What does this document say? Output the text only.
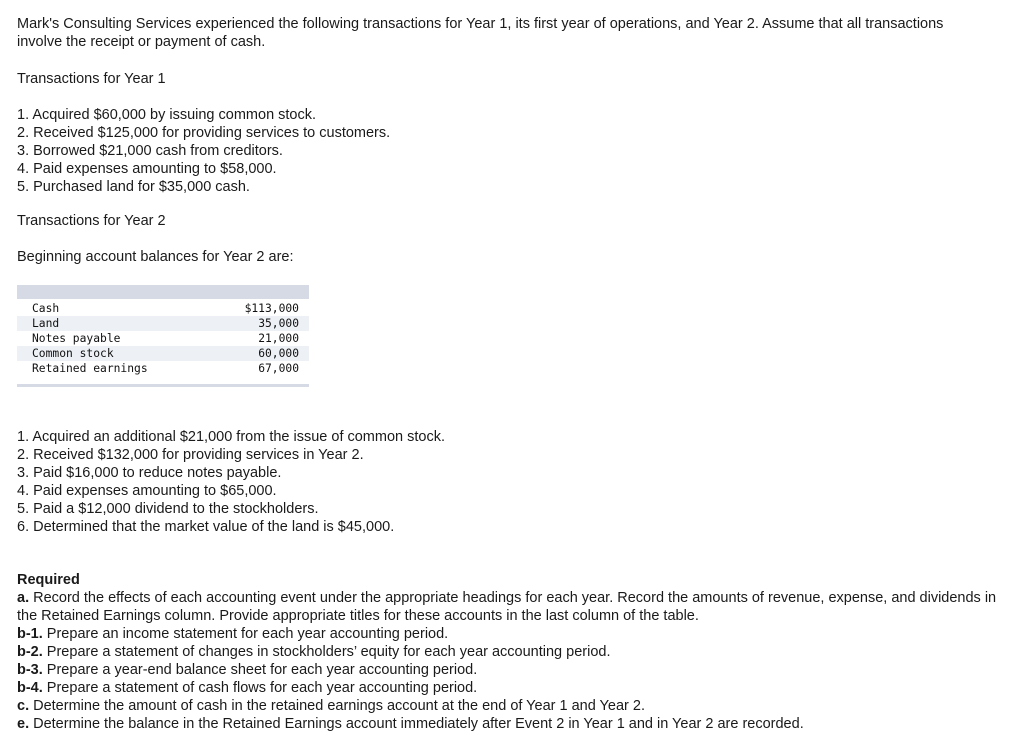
Mark's Consulting Services experienced the following transactions for Year 1, its first year of operations, and Year 2. Assume that all transactions involve the receipt or payment of cash.

Transactions for Year 1

1. Acquired $60,000 by issuing common stock.
2. Received $125,000 for providing services to customers.
3. Borrowed $21,000 cash from creditors.
4. Paid expenses amounting to $58,000.
5. Purchased land for $35,000 cash.

Transactions for Year 2

Beginning account balances for Year 2 are:

Cash	$113,000
Land	35,000
Notes payable	21,000
Common stock	60,000
Retained earnings	67,000
1. Acquired an additional $21,000 from the issue of common stock.
2. Received $132,000 for providing services in Year 2.
3. Paid $16,000 to reduce notes payable.
4. Paid expenses amounting to $65,000.
5. Paid a $12,000 dividend to the stockholders.
6. Determined that the market value of the land is $45,000.
Required

a. Record the effects of each accounting event under the appropriate headings for each year. Record the amounts of revenue, expense, and dividends in the Retained Earnings column. Provide appropriate titles for these accounts in the last column of the table.

b-1. Prepare an income statement for each year accounting period.

b-2. Prepare a statement of changes in stockholders’ equity for each year accounting period.

b-3. Prepare a year-end balance sheet for each year accounting period.

b-4. Prepare a statement of cash flows for each year accounting period.

c. Determine the amount of cash in the retained earnings account at the end of Year 1 and Year 2.

e. Determine the balance in the Retained Earnings account immediately after Event 2 in Year 1 and in Year 2 are recorded.
